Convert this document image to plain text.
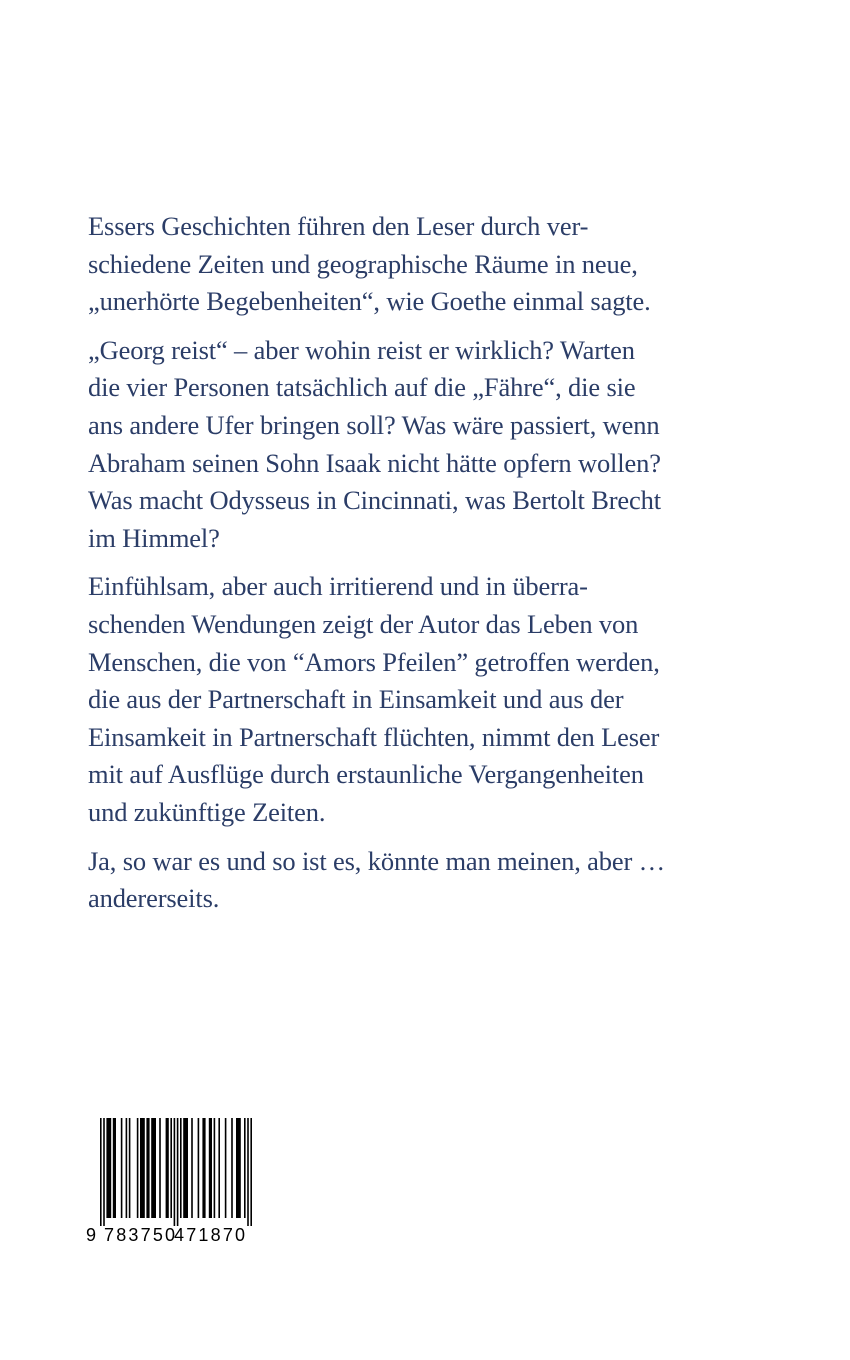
Essers Geschichten führen den Leser durch ver-
schiedene Zeiten und geographische Räume in neue,
„unerhörte Begebenheiten“, wie Goethe einmal sagte.

„Georg reist“ – aber wohin reist er wirklich? Warten
die vier Personen tatsächlich auf die „Fähre“, die sie
ans andere Ufer bringen soll? Was wäre passiert, wenn
Abraham seinen Sohn Isaak nicht hätte opfern wollen?
Was macht Odysseus in Cincinnati, was Bertolt Brecht
im Himmel?

Einfühlsam, aber auch irritierend und in überra-
schenden Wendungen zeigt der Autor das Leben von
Menschen, die von “Amors Pfeilen” getroffen werden,
die aus der Partnerschaft in Einsamkeit und aus der
Einsamkeit in Partnerschaft flüchten, nimmt den Leser
mit auf Ausflüge durch erstaunliche Vergangenheiten
und zukünftige Zeiten.

Ja, so war es und so ist es, könnte man meinen, aber …
andererseits.

9 783750
471870
